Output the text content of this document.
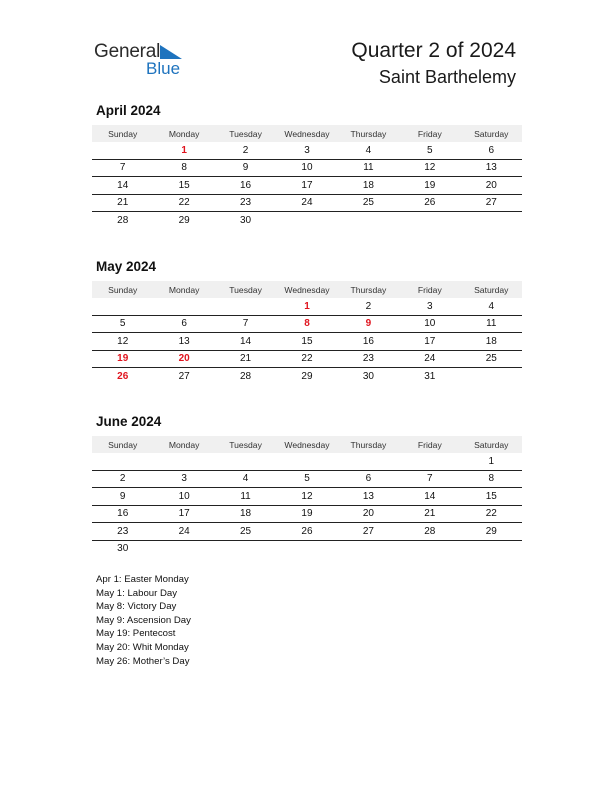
General
Blue
Quarter 2 of 2024
Saint Barthelemy
April 2024
Sunday	Monday	Tuesday	Wednesday	Thursday	Friday	Saturday
	1	2	3	4	5	6
7	8	9	10	11	12	13
14	15	16	17	18	19	20
21	22	23	24	25	26	27
28	29	30				
May 2024
Sunday	Monday	Tuesday	Wednesday	Thursday	Friday	Saturday
			1	2	3	4
5	6	7	8	9	10	11
12	13	14	15	16	17	18
19	20	21	22	23	24	25
26	27	28	29	30	31	
June 2024
Sunday	Monday	Tuesday	Wednesday	Thursday	Friday	Saturday
						1
2	3	4	5	6	7	8
9	10	11	12	13	14	15
16	17	18	19	20	21	22
23	24	25	26	27	28	29
30						
Apr 1: Easter Monday
May 1: Labour Day
May 8: Victory Day
May 9: Ascension Day
May 19: Pentecost
May 20: Whit Monday
May 26: Mother’s Day
